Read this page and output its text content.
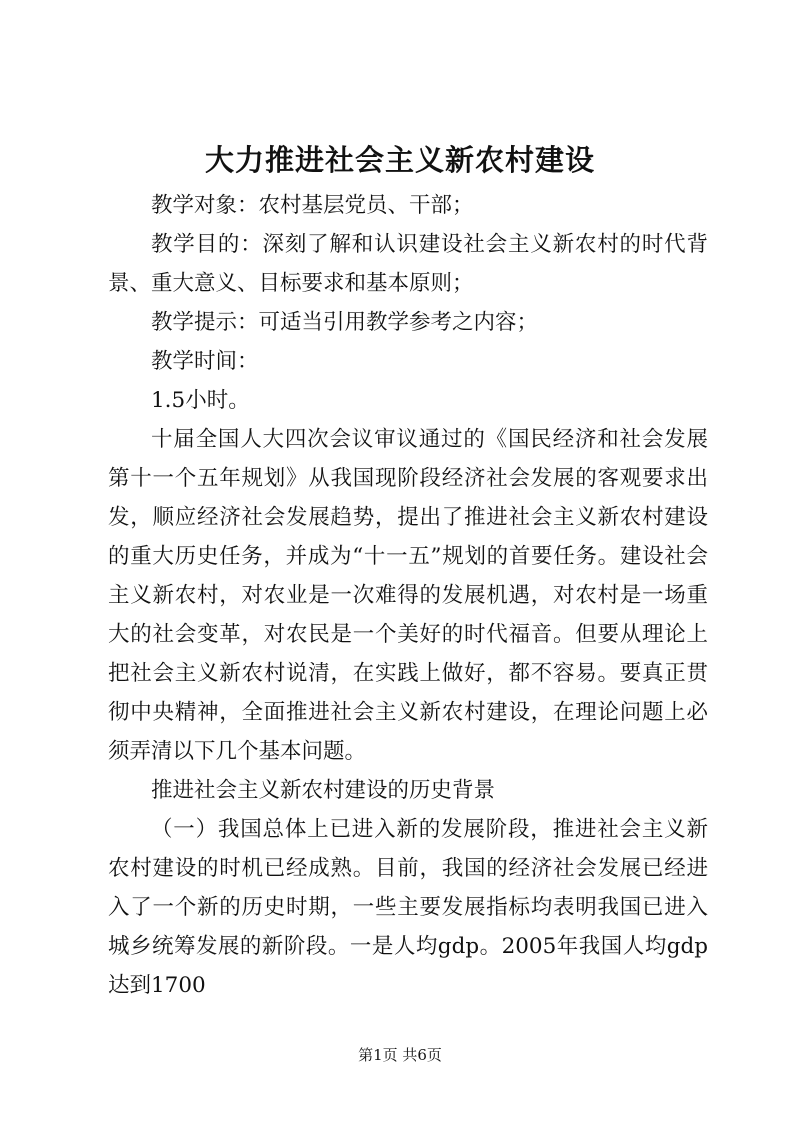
大力推进社会主义新农村建设

教学对象：农村基层党员、干部；

教学目的：深刻了解和认识建设社会主义新农村的时代背景、重大意义、目标要求和基本原则；

教学提示：可适当引用教学参考之内容；

教学时间：

1.5小时。

十届全国人大四次会议审议通过的《国民经济和社会发展第十一个五年规划》从我国现阶段经济社会发展的客观要求出发，顺应经济社会发展趋势，提出了推进社会主义新农村建设的重大历史任务，并成为“十一五”规划的首要任务。建设社会主义新农村，对农业是一次难得的发展机遇，对农村是一场重大的社会变革，对农民是一个美好的时代福音。但要从理论上把社会主义新农村说清，在实践上做好，都不容易。要真正贯彻中央精神，全面推进社会主义新农村建设，在理论问题上必须弄清以下几个基本问题。

推进社会主义新农村建设的历史背景

（一）我国总体上已进入新的发展阶段，推进社会主义新农村建设的时机已经成熟。目前，我国的经济社会发展已经进入了一个新的历史时期，一些主要发展指标均表明我国已进入城乡统筹发展的新阶段。一是人均gdp。2005年我国人均gdp达到1700

第1页 共6页
